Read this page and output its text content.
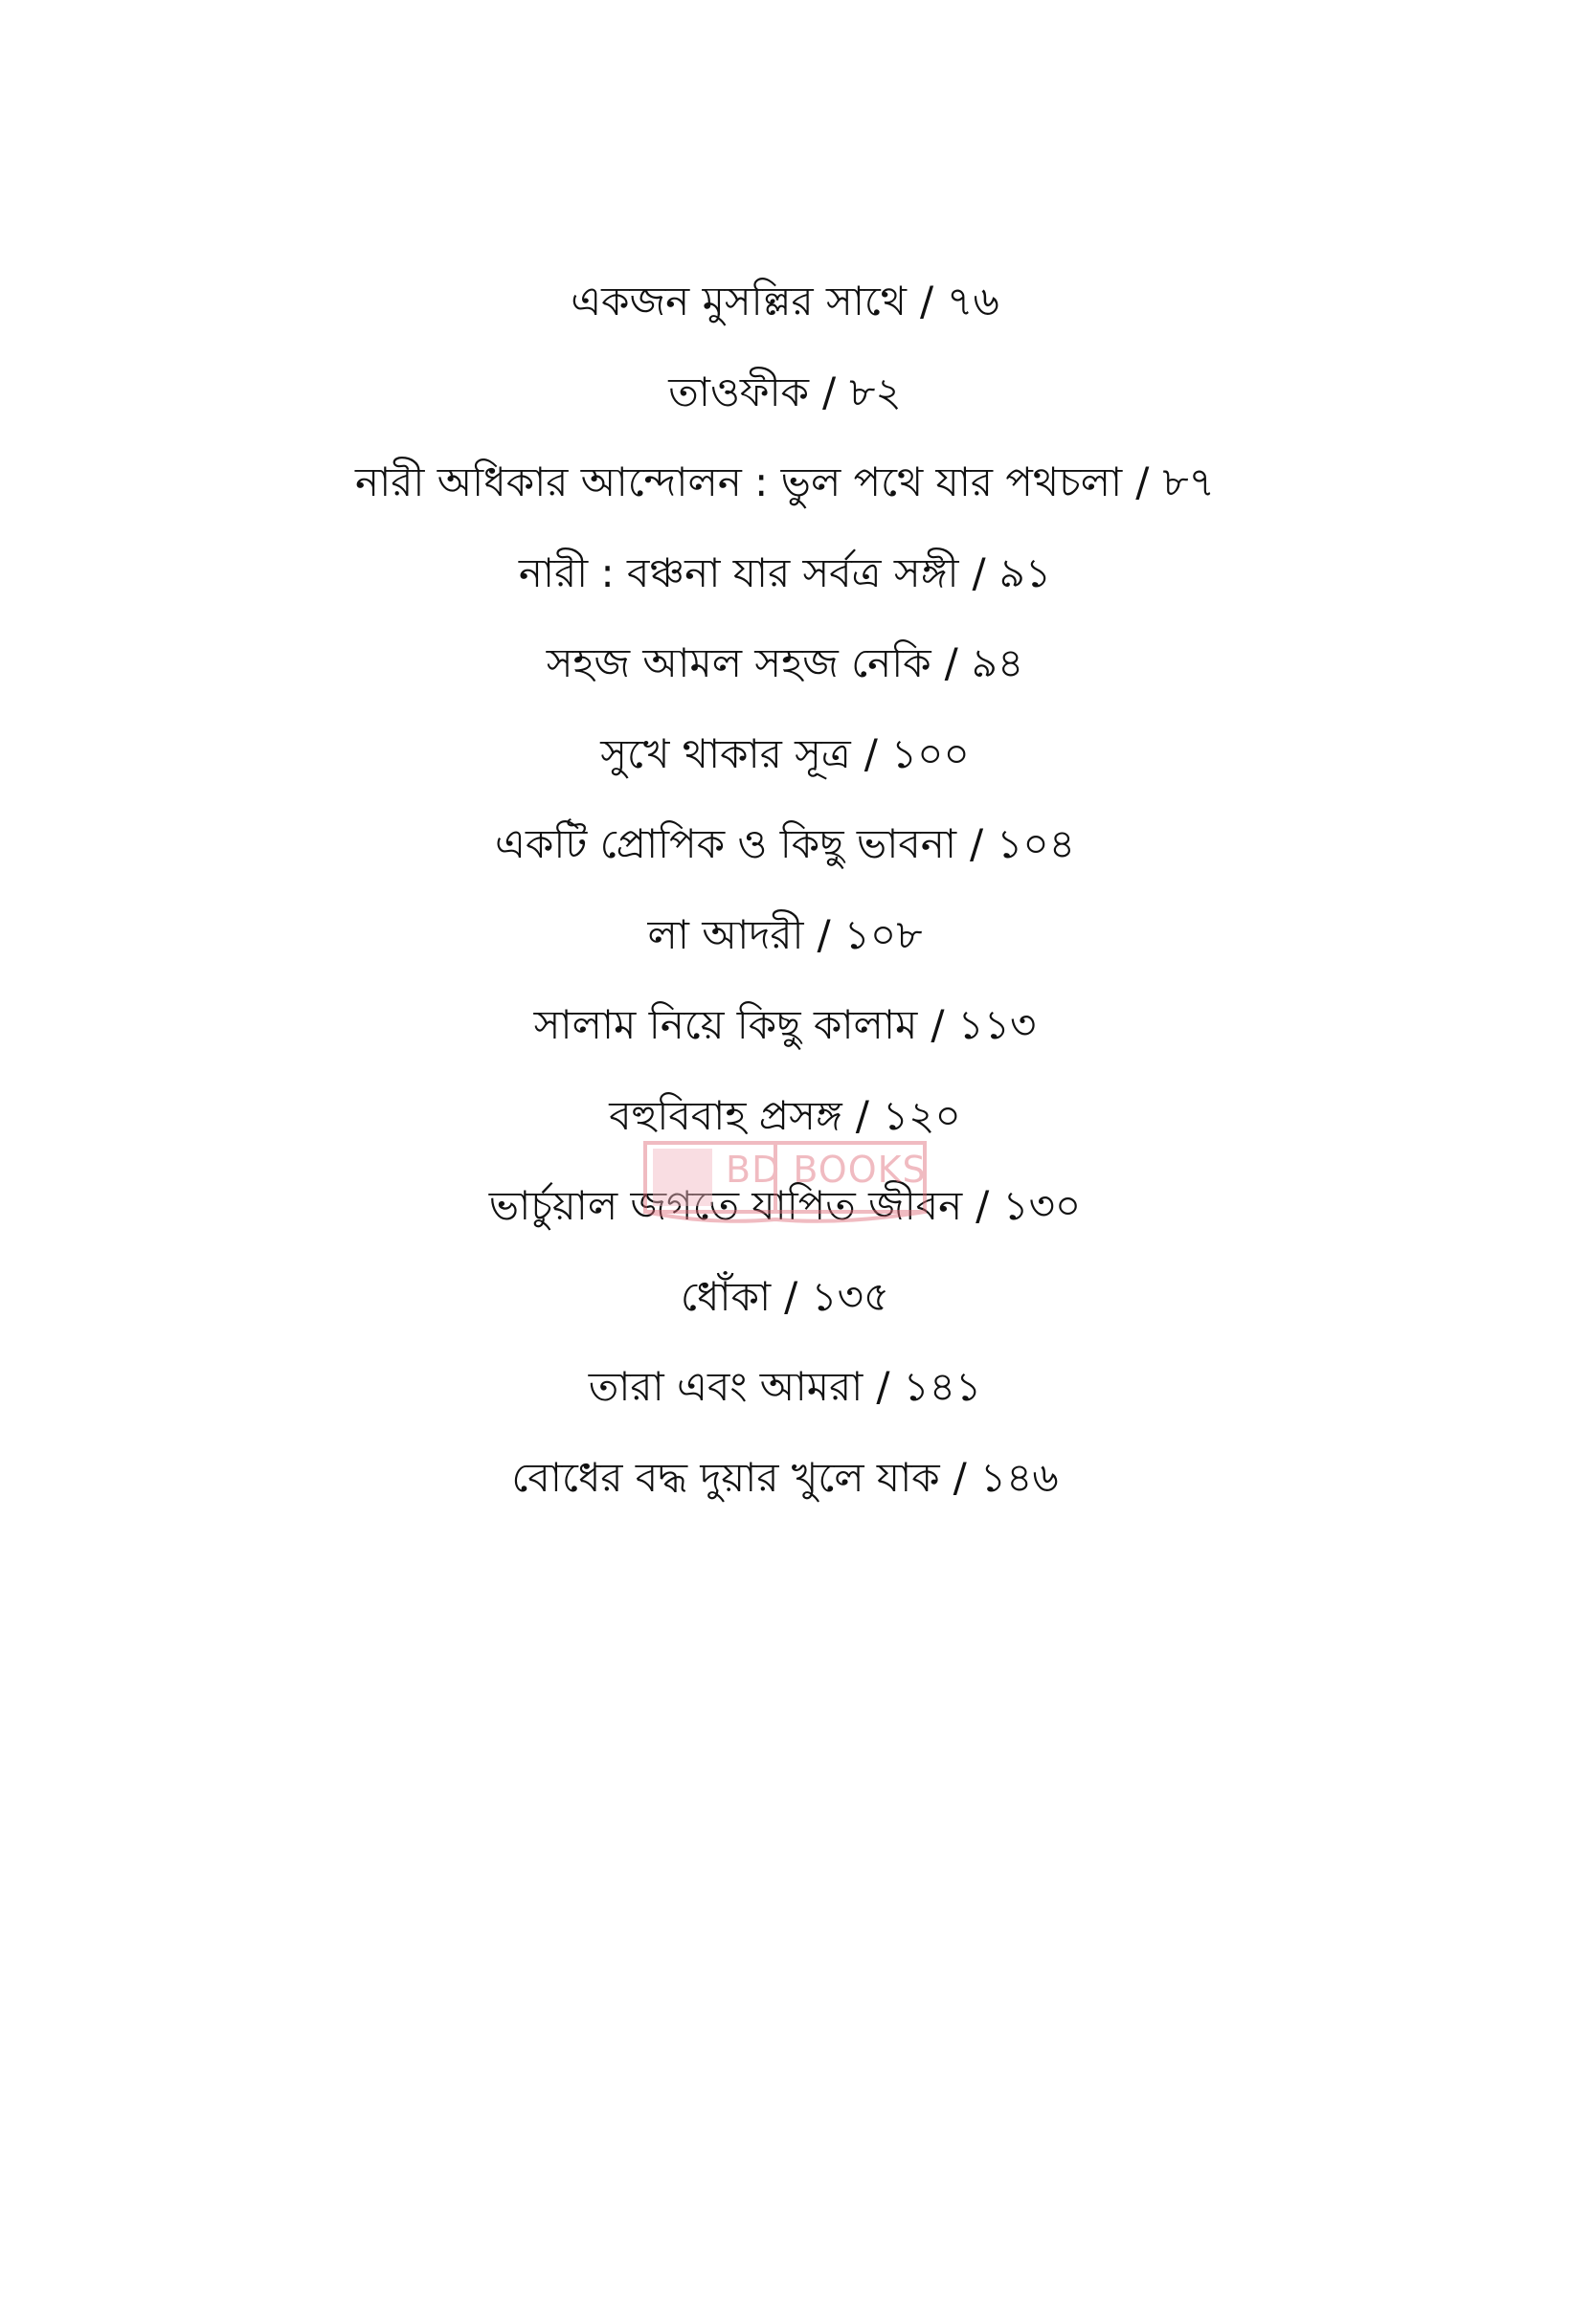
একজন মুসল্লির সাথে / ৭৬
তাওফীক / ৮২
নারী অধিকার আন্দোলন : ভুল পথে যার পথচলা / ৮৭
নারী : বঞ্চনা যার সর্বত্র সঙ্গী / ৯১
সহজ আমল সহজ নেকি / ৯৪
সুখে থাকার সূত্র / ১০০
একটি প্রোপিক ও কিছু ভাবনা / ১০৪
লা আদরী / ১০৮
সালাম নিয়ে কিছু কালাম / ১১৩
বহুবিবাহ প্রসঙ্গ / ১২০
ভার্চুয়াল জগতে যাপিত জীবন / ১৩০
ধোঁকা / ১৩৫
তারা এবং আমরা / ১৪১
বোধের বদ্ধ দুয়ার খুলে যাক / ১৪৬
BD BOOKS
